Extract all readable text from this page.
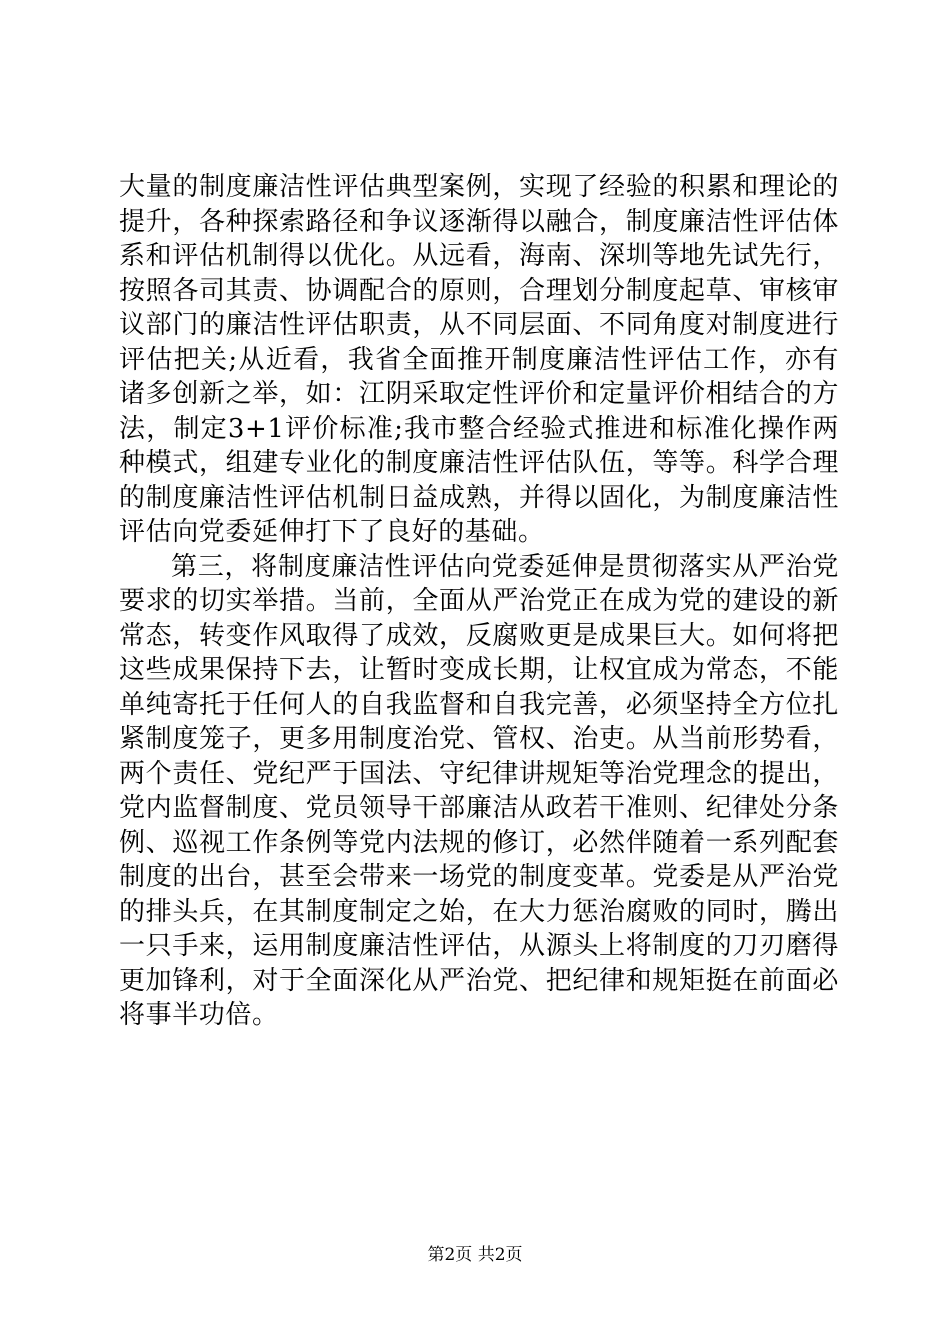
大量的制度廉洁性评估典型案例，实现了经验的积累和理论的提升，各种探索路径和争议逐渐得以融合，制度廉洁性评估体系和评估机制得以优化。从远看，海南、深圳等地先试先行，按照各司其责、协调配合的原则，合理划分制度起草、审核审议部门的廉洁性评估职责，从不同层面、不同角度对制度进行评估把关;从近看，我省全面推开制度廉洁性评估工作，亦有诸多创新之举，如：江阴采取定性评价和定量评价相结合的方法，制定3+1评价标准;我市整合经验式推进和标准化操作两种模式，组建专业化的制度廉洁性评估队伍，等等。科学合理的制度廉洁性评估机制日益成熟，并得以固化，为制度廉洁性评估向党委延伸打下了良好的基础。

第三，将制度廉洁性评估向党委延伸是贯彻落实从严治党要求的切实举措。当前，全面从严治党正在成为党的建设的新常态，转变作风取得了成效，反腐败更是成果巨大。如何将把这些成果保持下去，让暂时变成长期，让权宜成为常态，不能单纯寄托于任何人的自我监督和自我完善，必须坚持全方位扎紧制度笼子，更多用制度治党、管权、治吏。从当前形势看，两个责任、党纪严于国法、守纪律讲规矩等治党理念的提出，党内监督制度、党员领导干部廉洁从政若干准则、纪律处分条例、巡视工作条例等党内法规的修订，必然伴随着一系列配套制度的出台，甚至会带来一场党的制度变革。党委是从严治党的排头兵，在其制度制定之始，在大力惩治腐败的同时，腾出一只手来，运用制度廉洁性评估，从源头上将制度的刀刃磨得更加锋利，对于全面深化从严治党、把纪律和规矩挺在前面必将事半功倍。

第2页 共2页
